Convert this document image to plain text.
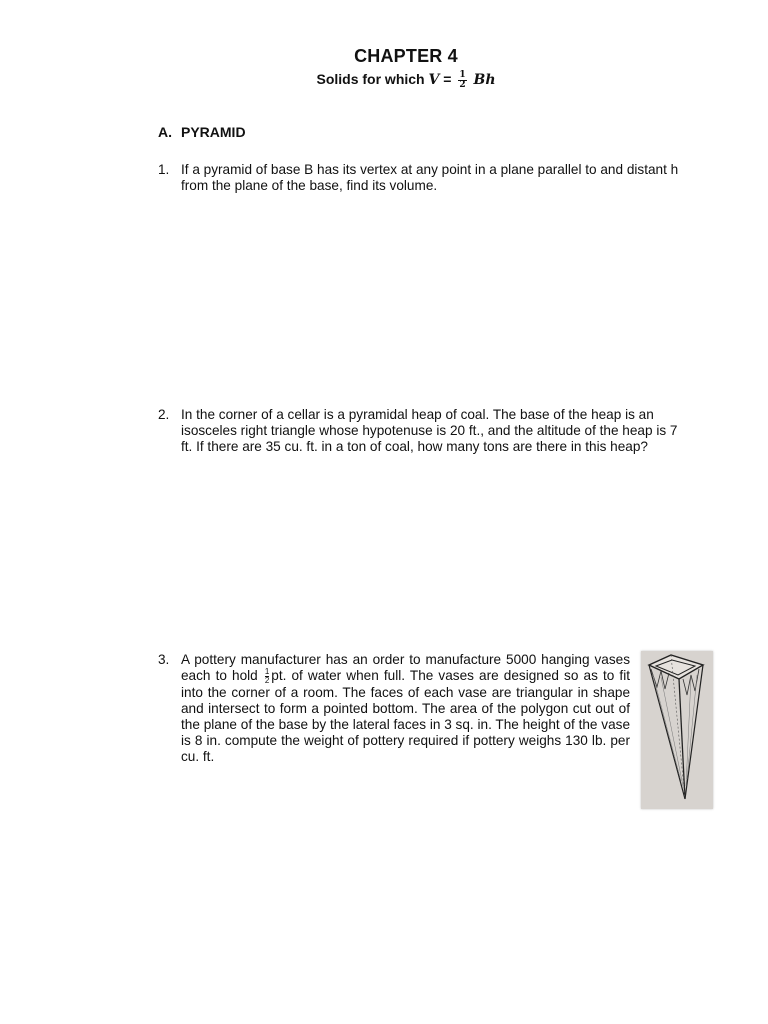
CHAPTER 4
Solids for which $V = \frac{1}{2}$ Bh
A. PYRAMID
1. If a pyramid of base B has its vertex at any point in a plane parallel to and distant h from the plane of the base, find its volume.
2. In the corner of a cellar is a pyramidal heap of coal. The base of the heap is an isosceles right triangle whose hypotenuse is 20 ft., and the altitude of the heap is 7 ft. If there are 35 cu. ft. in a ton of coal, how many tons are there in this heap?
3. A pottery manufacturer has an order to manufacture 5000 hanging vases each to hold $\frac{1}{2}$ pt. of water when full. The vases are designed so as to fit into the corner of a room. The faces of each vase are triangular in shape and intersect to form a pointed bottom. The area of the polygon cut out of the plane of the base by the lateral faces in 3 sq. in. The height of the vase is 8 in. compute the weight of pottery required if pottery weighs 130 lb. per cu. ft.
